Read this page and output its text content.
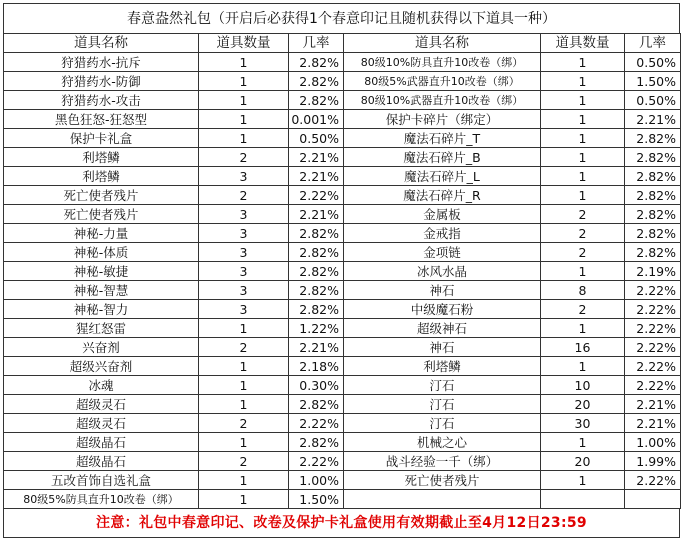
春意盎然礼包（开启后必获得1个春意印记且随机获得以下道具一种）
道具名称	道具数量	几率	道具名称	道具数量	几率
狩猎药水-抗斥	1	2.82%	80级10%防具直升10改卷（绑）	1	0.50%
狩猎药水-防御	1	2.82%	80级5%武器直升10改卷（绑）	1	1.50%
狩猎药水-攻击	1	2.82%	80级10%武器直升10改卷（绑）	1	0.50%
黑色狂怒-狂怒型	1	0.001%	保护卡碎片（绑定）	1	2.21%
保护卡礼盒	1	0.50%	魔法石碎片_T	1	2.82%
利塔鳞	2	2.21%	魔法石碎片_B	1	2.82%
利塔鳞	3	2.21%	魔法石碎片_L	1	2.82%
死亡使者残片	2	2.22%	魔法石碎片_R	1	2.82%
死亡使者残片	3	2.21%	金属板	2	2.82%
神秘-力量	3	2.82%	金戒指	2	2.82%
神秘-体质	3	2.82%	金项链	2	2.82%
神秘-敏捷	3	2.82%	冰风水晶	1	2.19%
神秘-智慧	3	2.82%	神石	8	2.22%
神秘-智力	3	2.82%	中级魔石粉	2	2.22%
猩红怒雷	1	1.22%	超级神石	1	2.22%
兴奋剂	2	2.21%	神石	16	2.22%
超级兴奋剂	1	2.18%	利塔鳞	1	2.22%
冰魂	1	0.30%	汀石	10	2.22%
超级灵石	1	2.82%	汀石	20	2.21%
超级灵石	2	2.22%	汀石	30	2.21%
超级晶石	1	2.82%	机械之心	1	1.00%
超级晶石	2	2.22%	战斗经验一千（绑）	20	1.99%
五改首饰自选礼盒	1	1.00%	死亡使者残片	1	2.22%
80级5%防具直升10改卷（绑）	1	1.50%			
注意：礼包中春意印记、改卷及保护卡礼盒使用有效期截止至4月12日23:59
